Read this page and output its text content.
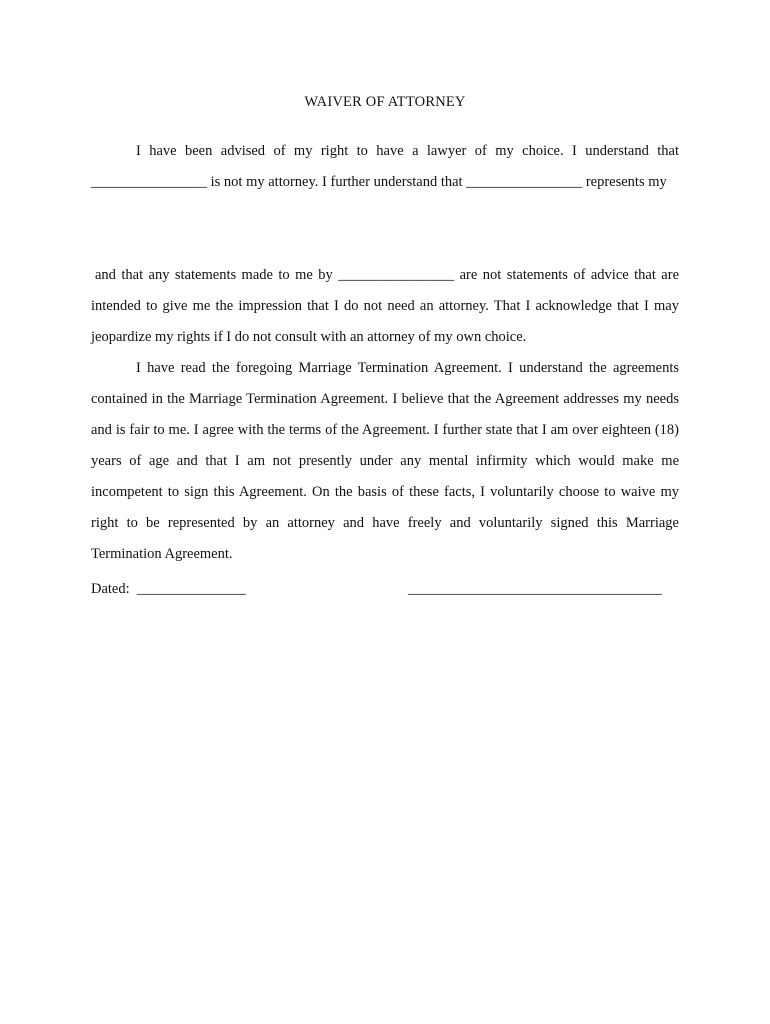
WAIVER OF ATTORNEY

I have been advised of my right to have a lawyer of my choice. I understand that ________________ is not my attorney. I further understand that ________________ represents my

and that any statements made to me by ________________ are not statements of advice that are intended to give me the impression that I do not need an attorney. That I acknowledge that I may jeopardize my rights if I do not consult with an attorney of my own choice.

I have read the foregoing Marriage Termination Agreement. I understand the agreements contained in the Marriage Termination Agreement. I believe that the Agreement addresses my needs and is fair to me. I agree with the terms of the Agreement. I further state that I am over eighteen (18) years of age and that I am not presently under any mental infirmity which would make me incompetent to sign this Agreement. On the basis of these facts, I voluntarily choose to waive my right to be represented by an attorney and have freely and voluntarily signed this Marriage Termination Agreement.

Dated: _______________	___________________________________
